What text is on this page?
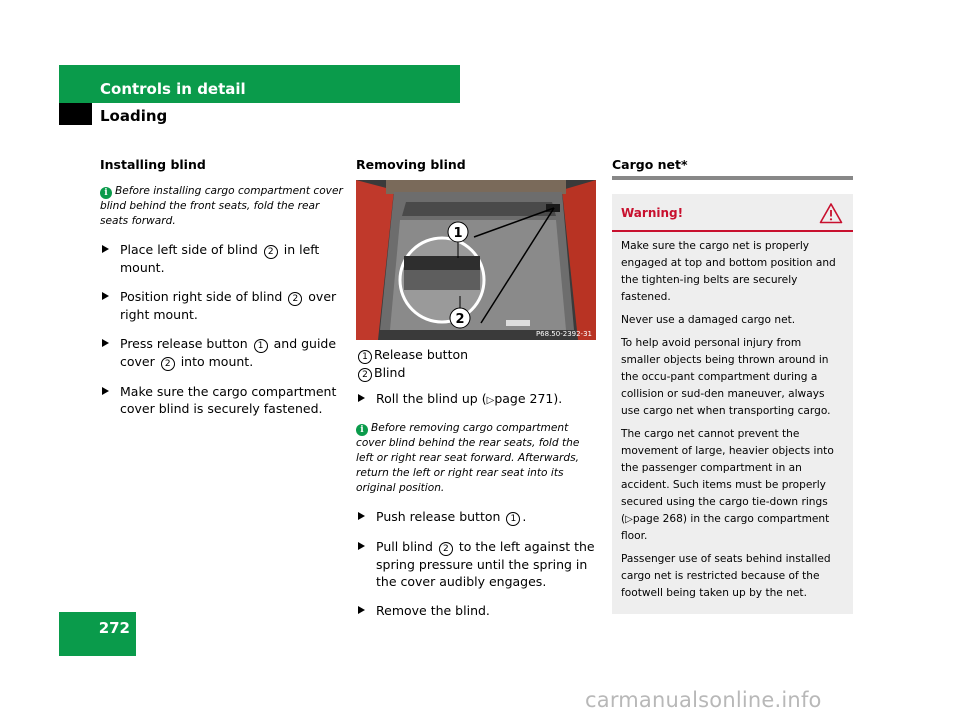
Controls in detail
Loading
Installing blind
i Before installing cargo compartment cover blind behind the front seats, fold the rear seats forward.
Place left side of blind 2 in left mount.
Position right side of blind 2 over right mount.
Press release button 1 and guide cover 2 into mount.
Make sure the cargo compartment cover blind is securely fastened.
Removing blind
1
2
P68.50-2392-31
1 Release button
2 Blind
Roll the blind up (▷page 271).
i Before removing cargo compartment cover blind behind the rear seats, fold the left or right rear seat forward. Afterwards, return the left or right rear seat into its original position.
Push release button 1 .
Pull blind 2 to the left against the spring pressure until the spring in the cover audibly engages.
Remove the blind.
Cargo net*
Warning!

Make sure the cargo net is properly engaged at top and bottom position and the tighten-ing belts are securely fastened.

Never use a damaged cargo net.

To help avoid personal injury from smaller objects being thrown around in the occu-pant compartment during a collision or sud-den maneuver, always use cargo net when transporting cargo.

The cargo net cannot prevent the movement of large, heavier objects into the passenger compartment in an accident. Such items must be properly secured using the cargo tie-down rings (▷page 268) in the cargo compartment floor.

Passenger use of seats behind installed cargo net is restricted because of the footwell being taken up by the net.

272
carmanualsonline.info
